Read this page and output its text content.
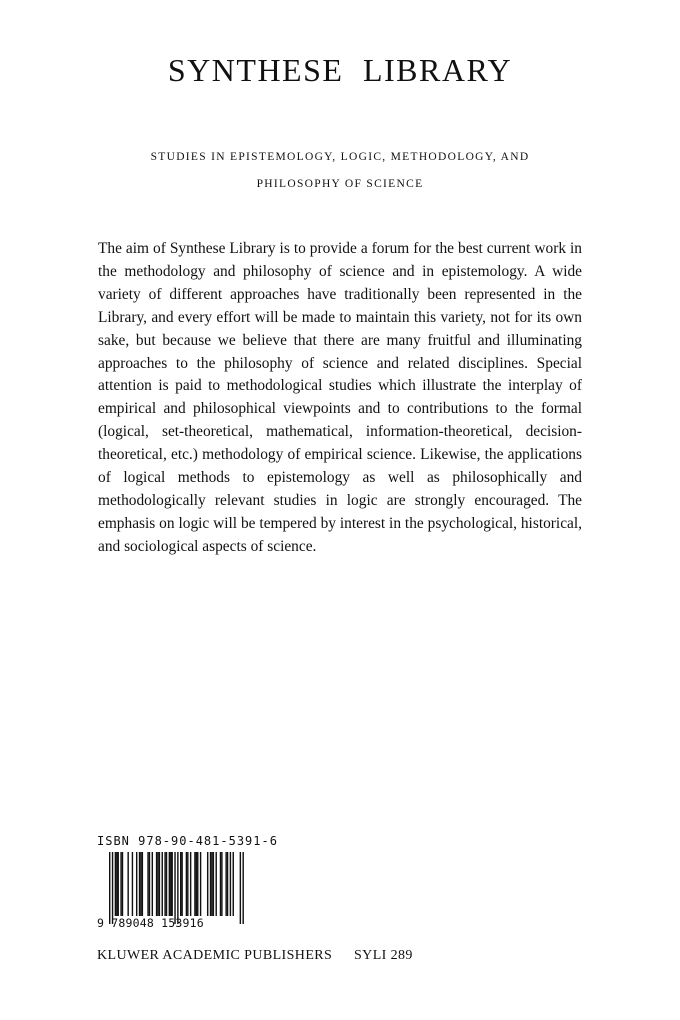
SYNTHESE LIBRARY

STUDIES IN EPISTEMOLOGY, LOGIC, METHODOLOGY, AND

PHILOSOPHY OF SCIENCE

The aim of Synthese Library is to provide a forum for the best current work in the methodology and philosophy of science and in epistemology. A wide variety of different approaches have traditionally been represented in the Library, and every effort will be made to maintain this variety, not for its own sake, but because we believe that there are many fruitful and illuminating approaches to the philosophy of science and related disciplines. Special attention is paid to methodological studies which illustrate the interplay of empirical and philosophical viewpoints and to contributions to the formal (logical, set-theoretical, mathematical, information-theoretical, decision-theoretical, etc.) methodology of empirical science. Likewise, the applications of logical methods to epistemology as well as philosophically and methodologically relevant studies in logic are strongly encouraged. The emphasis on logic will be tempered by interest in the psychological, historical, and sociological aspects of science.

ISBN 978-90-481-5391-6
9 789048 153916
KLUWER ACADEMIC PUBLISHERS SYLI 289
